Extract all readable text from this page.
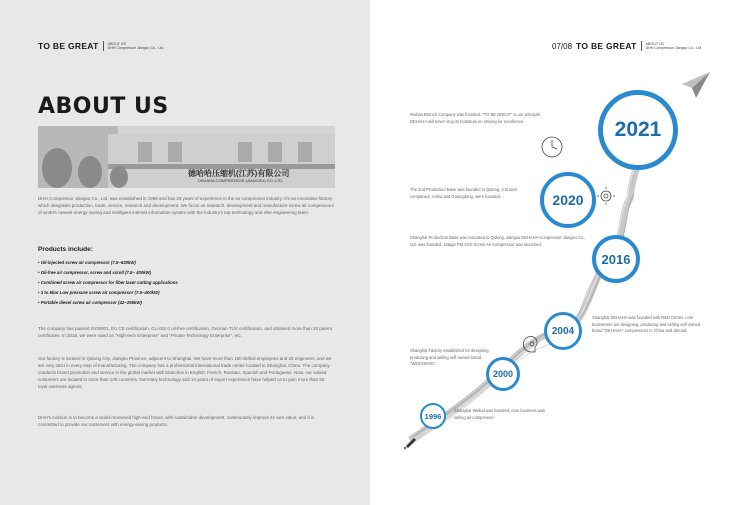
TO BE GREAT	ABOUT US
DHH Compressor Jiangsu Co., Ltd.
ABOUT US
德哈哈压缩机(江苏)有限公司
DEHAHA COMPRESSOR (JIANGSU) CO.,LTD.

DHH Compressor Jiangsu Co., Ltd. was established in 1996 and has 25 years of experience in the air compressor industry. It's an innovative factory which integrates production, trade, service, research and development. We focus on research, development and manufacture screw air compressors of world's newest energy-saving and intelligent internet information system with the industry's top technology and elite engineering team.

Products include:
• Oil-injected screw air compressor (7.5~630kW)
• Oil-free air compressor, screw and scroll (7.5~ 400kW)
• Combined screw air compressor for fiber laser cutting applications
• 3 to 5bar Low pressure screw air compressor (7.5~400kW)
• Portable diesel screw air compressor (42~295kW)

The company has passed ISO9001, EU CE certification, CLASS 0 oil-free certification, German TUV certification, and obtained more than 20 patent certificates. In 2018, we were rated as "High-tech Enterprise" and "Private Technology Enterprise", etc.

Our factory is located in Qidong City, Jiangsu Province, adjacent to Shanghai. We have more than 150 skilled employees and 25 engineers, and we are very strict in every step of manufacturing. The company has a professional international trade center located in Shanghai, China. The company conducts brand promotion and service in the global market with branches in English, French, Russian, Spanish and Portuguese. Now, our valued customers are located in more than 130 countries. Germany technology and 14 years of export experience have helped us to gain more than 50 loyal overseas agents.

DHH's mission is to become a world-renowned high-end brand, with sustainable development, continuously improve its own value, and it is committed to provide our customers with energy-saving products.

07/08 TO BE GREAT	ABOUT US
DHH Compressor Jiangsu Co., Ltd.
2021
2020
2016
2004
2000
1996

Wuhan Branch Company was founded. "TO BE GREAT" is our principle, DEHAHA will never stop its footsteps on striving for excellence.

The 2nd Production Base was founded in Qidong, 2 branch companies, Anhui and Guangdong, were founded.

Shanghai Production Base was relocated to Qidong, Jiangsu DEHAHA Compressor Jiangsu Co., Ltd. was founded. 2stage PM VSD Screw Air Compressor was launched.

Shanghai DEHAHA was founded with R&D Center, core businesses are designing, producing and selling self-owned brand "DEHAHA" compressors in China and abroad.

Shanghai Factory established for designing, producing and selling self owned brand "WEICHENG".

Shanghai Weikai was founded, core business was selling air compressor.
